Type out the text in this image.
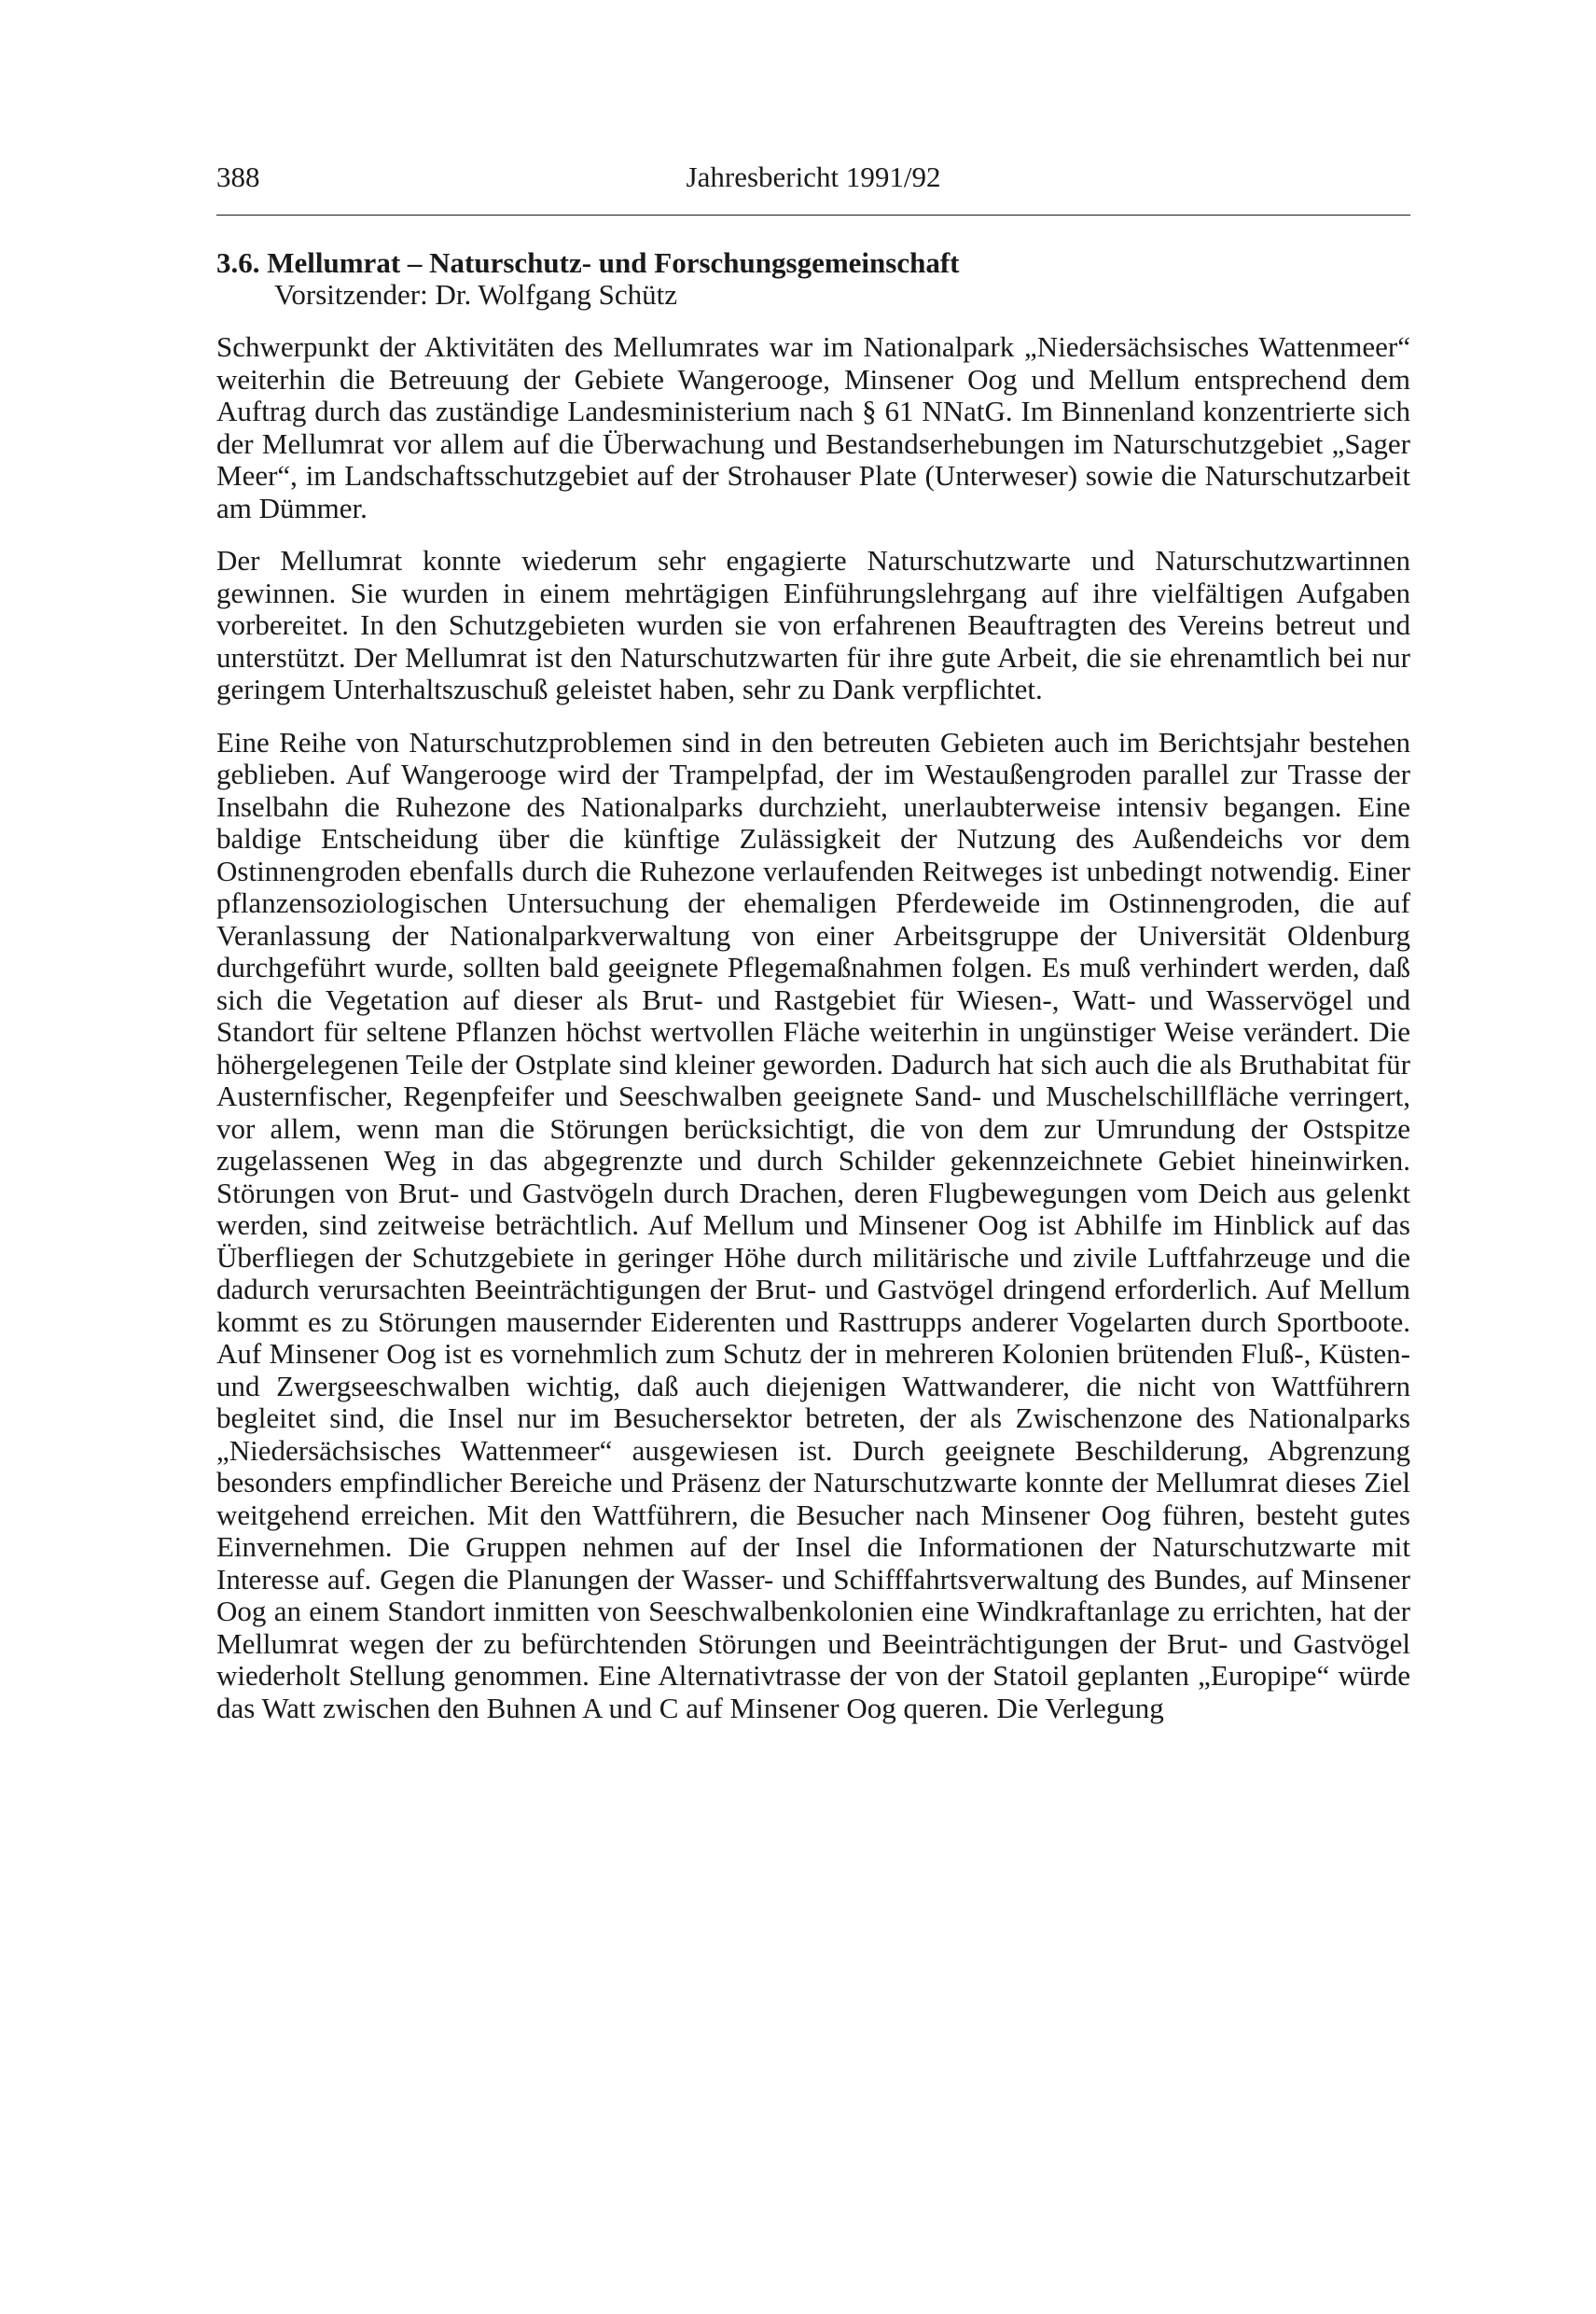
388	Jahresbericht 1991/92
3.6. Mellumrat – Naturschutz- und Forschungsgemeinschaft
Vorsitzender: Dr. Wolfgang Schütz

Schwerpunkt der Aktivitäten des Mellumrates war im Nationalpark „Niedersächsisches Wattenmeer“ weiterhin die Betreuung der Gebiete Wangerooge, Minsener Oog und Mellum entsprechend dem Auftrag durch das zuständige Landesministerium nach § 61 NNatG. Im Binnenland konzentrierte sich der Mellumrat vor allem auf die Überwachung und Bestandserhebungen im Naturschutzgebiet „Sager Meer“, im Landschaftsschutzgebiet auf der Strohauser Plate (Unterweser) sowie die Naturschutzarbeit am Dümmer.

Der Mellumrat konnte wiederum sehr engagierte Naturschutzwarte und Naturschutzwartinnen gewinnen. Sie wurden in einem mehrtägigen Einführungslehrgang auf ihre vielfältigen Aufgaben vorbereitet. In den Schutzgebieten wurden sie von erfahrenen Beauftragten des Vereins betreut und unterstützt. Der Mellumrat ist den Naturschutzwarten für ihre gute Arbeit, die sie ehrenamtlich bei nur geringem Unterhaltszuschuß geleistet haben, sehr zu Dank verpflichtet.

Eine Reihe von Naturschutzproblemen sind in den betreuten Gebieten auch im Berichtsjahr bestehen geblieben. Auf Wangerooge wird der Trampelpfad, der im Westaußengroden parallel zur Trasse der Inselbahn die Ruhezone des Nationalparks durchzieht, unerlaubterweise intensiv begangen. Eine baldige Entscheidung über die künftige Zulässigkeit der Nutzung des Außendeichs vor dem Ostinnengroden ebenfalls durch die Ruhezone verlaufenden Reitweges ist unbedingt notwendig. Einer pflanzensoziologischen Untersuchung der ehemaligen Pferdeweide im Ostinnengroden, die auf Veranlassung der Nationalparkverwaltung von einer Arbeitsgruppe der Universität Oldenburg durchgeführt wurde, sollten bald geeignete Pflegemaßnahmen folgen. Es muß verhindert werden, daß sich die Vegetation auf dieser als Brut- und Rastgebiet für Wiesen-, Watt- und Wasservögel und Standort für seltene Pflanzen höchst wertvollen Fläche weiterhin in ungünstiger Weise verändert. Die höhergelegenen Teile der Ostplate sind kleiner geworden. Dadurch hat sich auch die als Bruthabitat für Austernfischer, Regenpfeifer und Seeschwalben geeignete Sand- und Muschelschillfläche verringert, vor allem, wenn man die Störungen berücksichtigt, die von dem zur Umrundung der Ostspitze zugelassenen Weg in das abgegrenzte und durch Schilder gekennzeichnete Gebiet hineinwirken. Störungen von Brut- und Gastvögeln durch Drachen, deren Flugbewegungen vom Deich aus gelenkt werden, sind zeitweise beträchtlich. Auf Mellum und Minsener Oog ist Abhilfe im Hinblick auf das Überfliegen der Schutzgebiete in geringer Höhe durch militärische und zivile Luftfahrzeuge und die dadurch verursachten Beeinträchtigungen der Brut- und Gastvögel dringend erforderlich. Auf Mellum kommt es zu Störungen mausernder Eiderenten und Rasttrupps anderer Vogelarten durch Sportboote. Auf Minsener Oog ist es vornehmlich zum Schutz der in mehreren Kolonien brütenden Fluß-, Küsten- und Zwergseeschwalben wichtig, daß auch diejenigen Wattwanderer, die nicht von Wattführern begleitet sind, die Insel nur im Besuchersektor betreten, der als Zwischenzone des Nationalparks „Niedersächsisches Wattenmeer“ ausgewiesen ist. Durch geeignete Beschilderung, Abgrenzung besonders empfindlicher Bereiche und Präsenz der Naturschutzwarte konnte der Mellumrat dieses Ziel weitgehend erreichen. Mit den Wattführern, die Besucher nach Minsener Oog führen, besteht gutes Einvernehmen. Die Gruppen nehmen auf der Insel die Informationen der Naturschutzwarte mit Interesse auf. Gegen die Planungen der Wasser- und Schifffahrtsverwaltung des Bundes, auf Minsener Oog an einem Standort inmitten von Seeschwalbenkolonien eine Windkraftanlage zu errichten, hat der Mellumrat wegen der zu befürchtenden Störungen und Beeinträchtigungen der Brut- und Gastvögel wiederholt Stellung genommen. Eine Alternativtrasse der von der Statoil geplanten „Europipe“ würde das Watt zwischen den Buhnen A und C auf Minsener Oog queren. Die Verlegung
